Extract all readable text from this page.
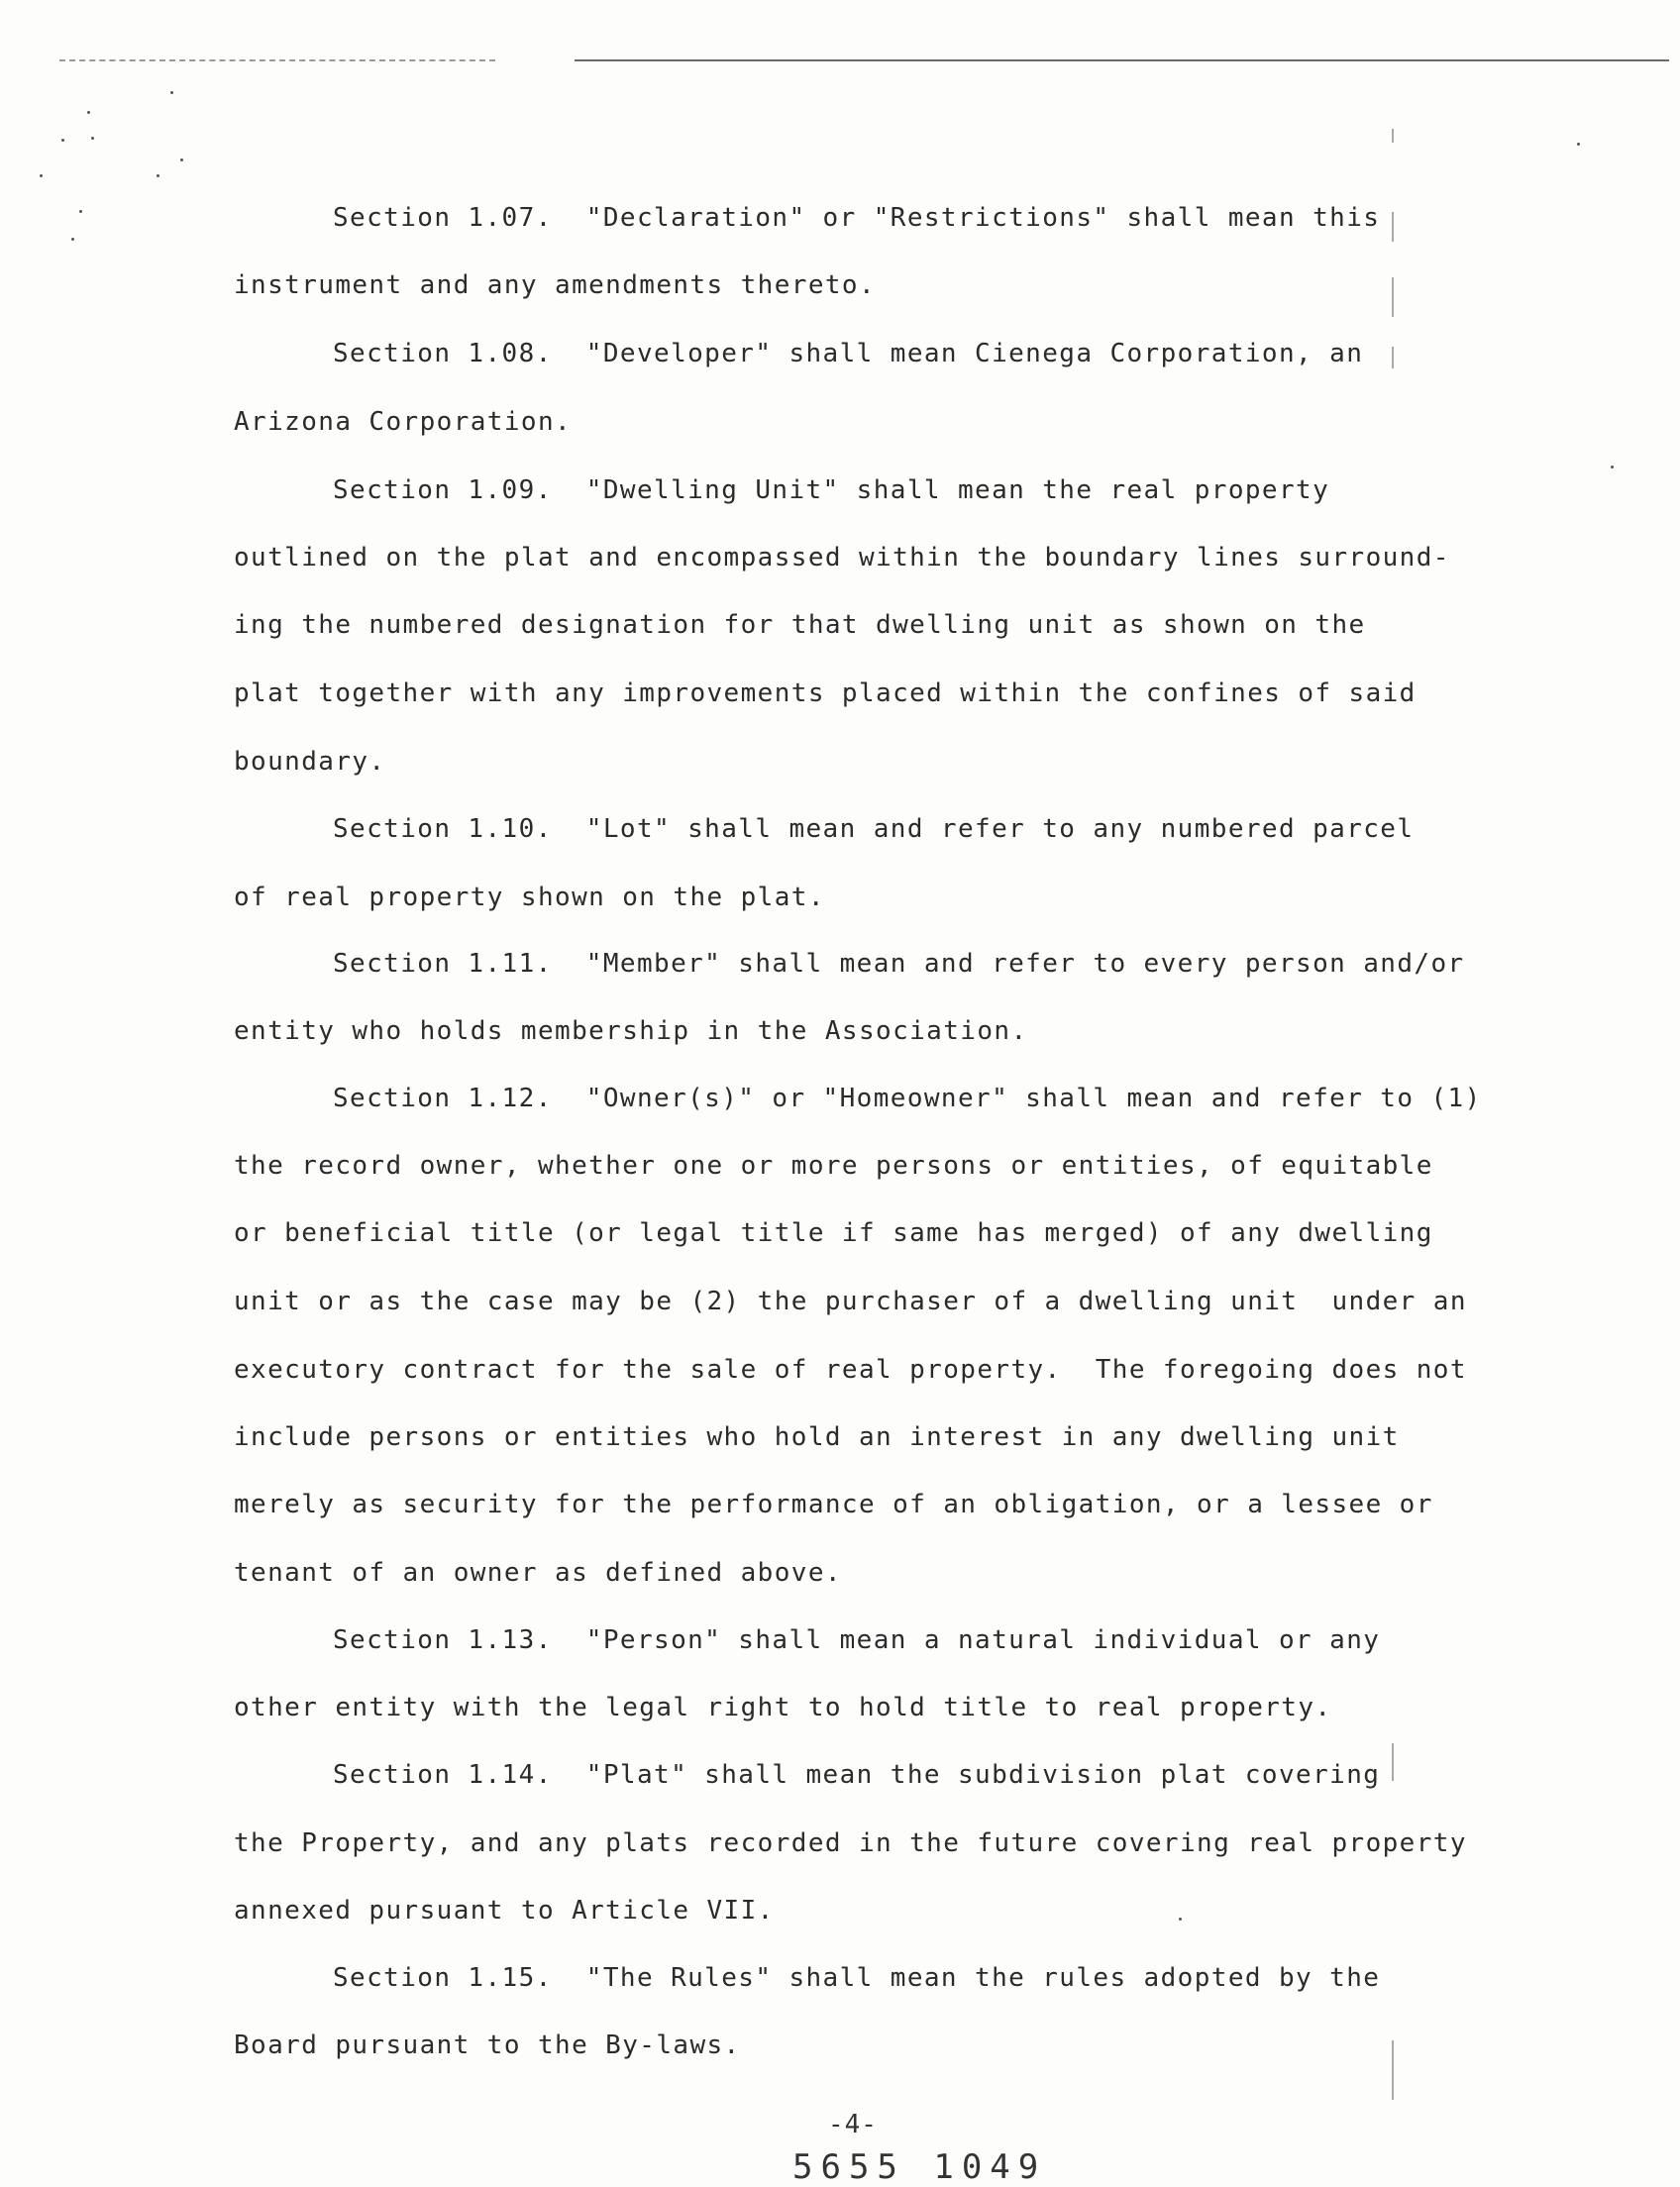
Section 1.07.  "Declaration" or "Restrictions" shall mean this
instrument and any amendments thereto.
Section 1.08.  "Developer" shall mean Cienega Corporation, an
Arizona Corporation.
Section 1.09.  "Dwelling Unit" shall mean the real property
outlined on the plat and encompassed within the boundary lines surround-
ing the numbered designation for that dwelling unit as shown on the
plat together with any improvements placed within the confines of said
boundary.
Section 1.10.  "Lot" shall mean and refer to any numbered parcel
of real property shown on the plat.
Section 1.11.  "Member" shall mean and refer to every person and/or
entity who holds membership in the Association.
Section 1.12.  "Owner(s)" or "Homeowner" shall mean and refer to (1)
the record owner, whether one or more persons or entities, of equitable
or beneficial title (or legal title if same has merged) of any dwelling
unit or as the case may be (2) the purchaser of a dwelling unit  under an
executory contract for the sale of real property.  The foregoing does not
include persons or entities who hold an interest in any dwelling unit
merely as security for the performance of an obligation, or a lessee or
tenant of an owner as defined above.
Section 1.13.  "Person" shall mean a natural individual or any
other entity with the legal right to hold title to real property.
Section 1.14.  "Plat" shall mean the subdivision plat covering
the Property, and any plats recorded in the future covering real property
annexed pursuant to Article VII.
Section 1.15.  "The Rules" shall mean the rules adopted by the
Board pursuant to the By-laws.
-4-
5655 1049
